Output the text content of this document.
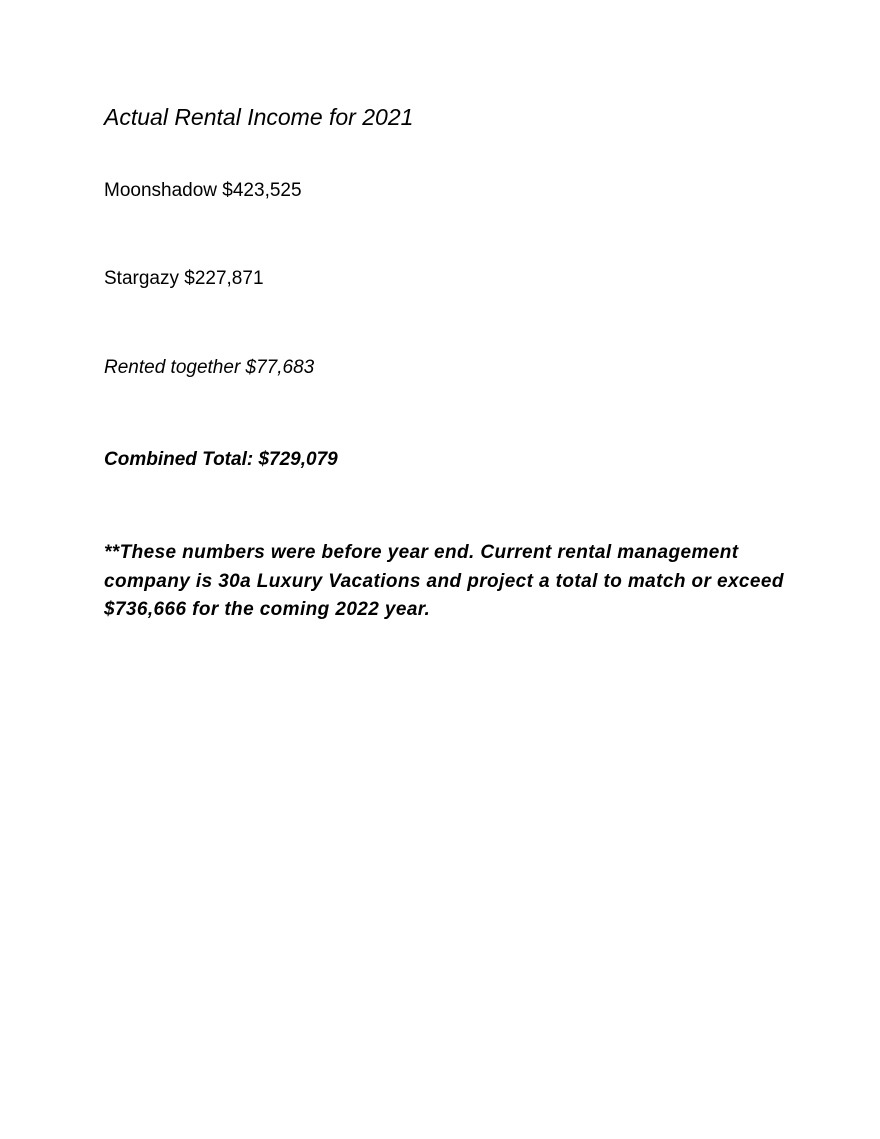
Actual Rental Income for 2021

Moonshadow $423,525

Stargazy $227,871

Rented together $77,683

Combined Total: $729,079

**These numbers were before year end. Current rental management company is 30a Luxury Vacations and project a total to match or exceed $736,666 for the coming 2022 year.
